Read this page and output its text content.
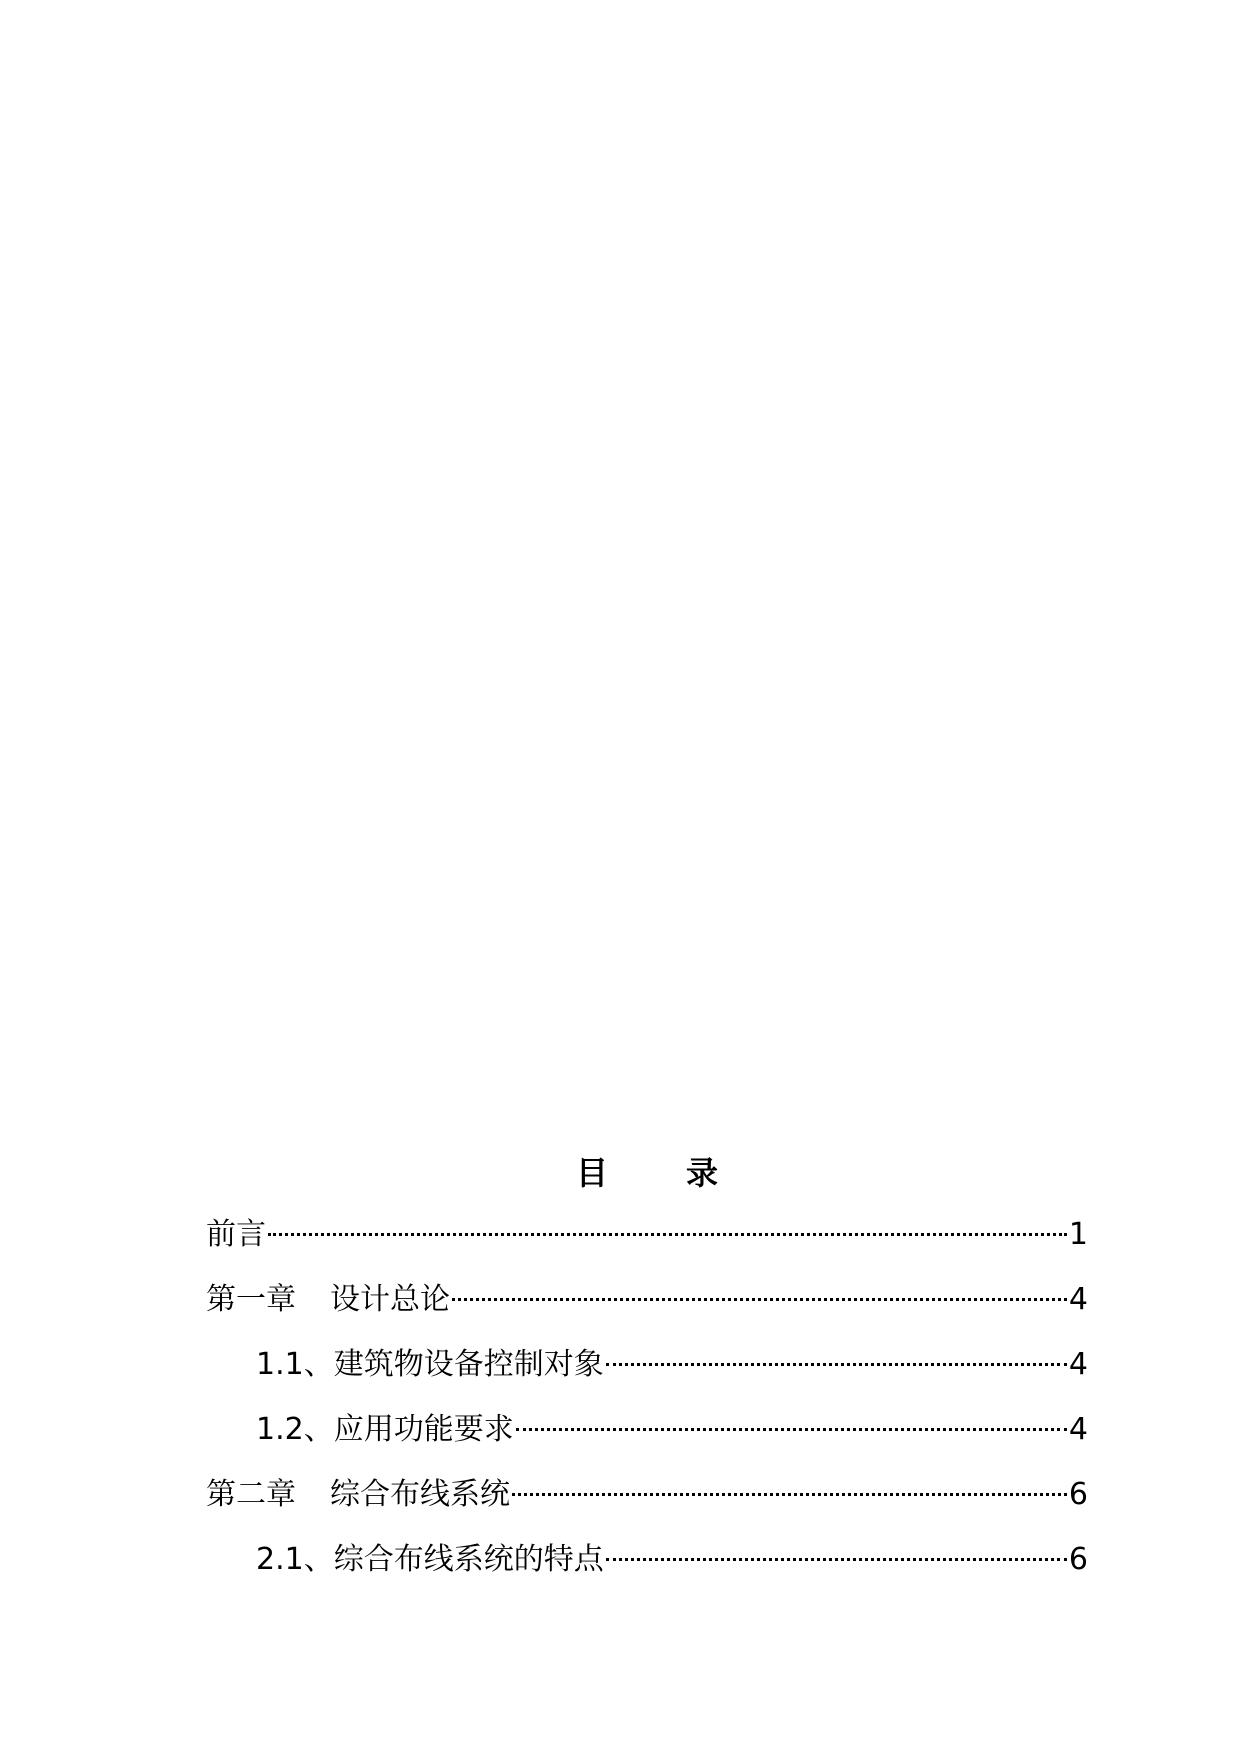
目 录
前言	1
第一章 设计总论	4
1.1、建筑物设备控制对象	4
1.2、应用功能要求	4
第二章 综合布线系统	6
2.1、综合布线系统的特点	6
